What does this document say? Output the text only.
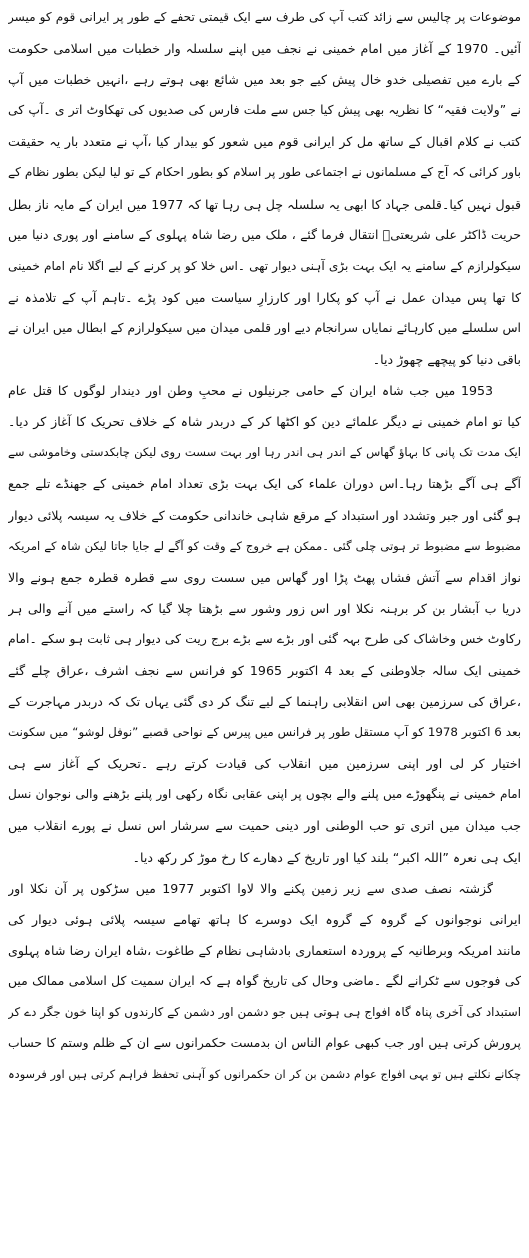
موضوعات پر چالیس سے زائد کتب آپ کی طرف سے ایک قیمتی تحفے کے طور پر ایرانی قوم کو میسر
آئیں۔ 1970 کے آغاز میں امام خمینی نے نجف میں اپنے سلسلہ وار خطبات میں اسلامی حکومت
کے بارے میں تفصیلی خدو خال پیش کیے جو بعد میں شائع بھی ہوتے رہے ،انہیں خطبات میں آپ
نے ”ولایت فقیہ“ کا نظریہ بھی پیش کیا جس سے ملت فارس کی صدیوں کی تھکاوٹ اتر ی ۔آپ کی
کتب نے کلام اقبال کے ساتھ مل کر ایرانی قوم میں شعور کو بیدار کیا ،آپ نے متعدد بار یہ حقیقت
باور کرائی کہ آج کے مسلمانوں نے اجتماعی طور پر اسلام کو بطور احکام کے تو لیا لیکن بطور نظام کے
قبول نہیں کیا۔قلمی جہاد کا ابھی یہ سلسلہ چل ہی رہا تھا کہ 1977 میں ایران کے مایہ ناز بطل
حریت ڈاکٹر علی شریعتیؒ انتقال فرما گئے ، ملک میں رضا شاہ پہلوی کے سامنے اور پوری دنیا میں
سیکولرازم کے سامنے یہ ایک بہت بڑی آہنی دیوار تھی ۔اس خلا کو پر کرنے کے لیے اگلا نام امام خمینی
کا تھا پس میدان عمل نے آپ کو پکارا اور کارزارِ سیاست میں کود پڑے ۔تاہم آپ کے تلامذہ نے
اس سلسلے میں کارہائے نمایاں سرانجام دیے اور قلمی میدان میں سیکولرازم کے ابطال میں ایران نے
باقی دنیا کو پیچھے چھوڑ دیا۔
1953 میں جب شاہ ایران کے حامی جرنیلوں نے محبِ وطن اور دیندار لوگوں کا قتل عام
کیا تو امام خمینی نے دیگر علمائے دین کو اکٹھا کر کے دربدر شاہ کے خلاف تحریک کا آغاز کر دیا۔
ایک مدت تک پانی کا بہاؤ گھاس کے اندر ہی اندر رہا اور بہت سست روی لیکن چابکدستی وخاموشی سے
آگے ہی آگے بڑھتا رہا۔اس دوران علماء کی ایک بہت بڑی تعداد امام خمینی کے جھنڈے تلے جمع
ہو گئی اور جبر وتشدد اور استبداد کے مرقع شاہی خاندانی حکومت کے خلاف یہ سیسہ پلائی دیوار
مضبوط سے مضبوط تر ہوتی چلی گئی ۔ممکن ہے خروج کے وقت کو آگے لے جایا جاتا لیکن شاہ کے امریکہ
نواز اقدام سے آتش فشاں پھٹ پڑا اور گھاس میں سست روی سے قطرہ قطرہ جمع ہونے والا
دریا ب آبشار بن کر برہنہ نکلا اور اس زور وشور سے بڑھتا چلا گیا کہ راستے میں آنے والی ہر
رکاوٹ خس وخاشاک کی طرح بہہ گئی اور بڑے سے بڑے برج ریت کی دیوار ہی ثابت ہو سکے ۔امام
خمینی ایک سالہ جلاوطنی کے بعد 4 اکتوبر 1965 کو فرانس سے نجف اشرف ،عراق چلے گئے
،عراق کی سرزمین بھی اس انقلابی راہنما کے لیے تنگ کر دی گئی یہاں تک کہ دربدر مہاجرت کے
بعد 6 اکتوبر 1978 کو آپ مستقل طور پر فرانس میں پیرس کے نواحی قصبے ”نوفل لوشو“ میں سکونت
اختیار کر لی اور اپنی سرزمین میں انقلاب کی قیادت کرتے رہے ۔تحریک کے آغاز سے ہی
امام خمینی نے پنگھوڑے میں پلنے والے بچوں پر اپنی عقابی نگاہ رکھی اور پلنے بڑھنے والی نوجوان نسل
جب میدان میں اتری تو حب الوطنی اور دینی حمیت سے سرشار اس نسل نے پورے انقلاب میں
ایک ہی نعرہ ”اللہ اکبر“ بلند کیا اور تاریخ کے دھارے کا رخ موڑ کر رکھ دیا۔
گزشتہ نصف صدی سے زیر زمین پکنے والا لاوا اکتوبر 1977 میں سڑکوں پر آن نکلا اور
ایرانی نوجوانوں کے گروہ کے گروہ ایک دوسرے کا ہاتھ تھامے سیسہ پلائی ہوئی دیوار کی
مانند امریکہ وبرطانیہ کے پروردہ استعماری بادشاہی نظام کے طاغوت ،شاہ ایران رضا شاہ پہلوی
کی فوجوں سے ٹکرانے لگے ۔ماضی وحال کی تاریخ گواہ ہے کہ ایران سمیت کل اسلامی ممالک میں
استبداد کی آخری پناہ گاہ افواج ہی ہوتی ہیں جو دشمن اور دشمن کے کارندوں کو اپنا خون جگر دے کر
پرورش کرتی ہیں اور جب کبھی عوام الناس ان بدمست حکمرانوں سے ان کے ظلم وستم کا حساب
چکانے نکلتے ہیں تو یہی افواج عوام دشمن بن کر ان حکمرانوں کو آہنی تحفظ فراہم کرتی ہیں اور فرسودہ
